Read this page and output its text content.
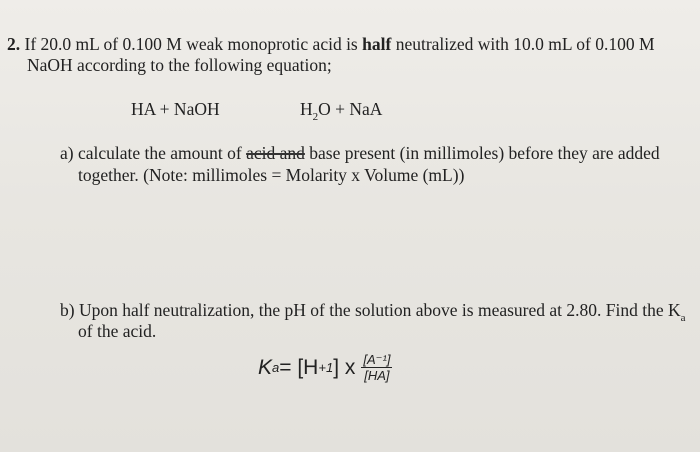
2. If 20.0 mL of 0.100 M weak monoprotic acid is half neutralized with 10.0 mL of 0.100 M
NaOH according to the following equation;
HA + NaOH	$H_2O$ + NaA
a) calculate the amount of acid and base present (in millimoles) before they are added
together. (Note: millimoles = Molarity x Volume (mL))
b) Upon half neutralization, the pH of the solution above is measured at 2.80. Find the $K_a$
of the acid.
K a = [H +1 ] x $\frac{\text{[A⁻¹]}}{[HA]}$
